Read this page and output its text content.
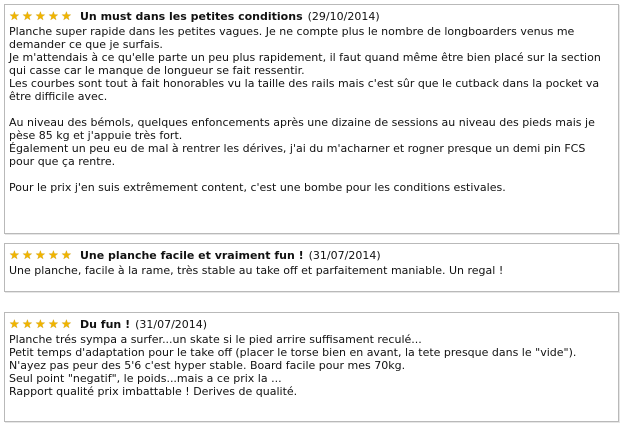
★ ★ ★ ★ ★ Un must dans les petites conditions (29/10/2014)

Planche super rapide dans les petites vagues. Je ne compte plus le nombre de longboarders venus me

demander ce que je surfais.

Je m'attendais à ce qu'elle parte un peu plus rapidement, il faut quand même être bien placé sur la section

qui casse car le manque de longueur se fait ressentir.

Les courbes sont tout à fait honorables vu la taille des rails mais c'est sûr que le cutback dans la pocket va

être difficile avec.

Au niveau des bémols, quelques enfoncements après une dizaine de sessions au niveau des pieds mais je

pèse 85 kg et j'appuie très fort.

Également un peu eu de mal à rentrer les dérives, j'ai du m'acharner et rogner presque un demi pin FCS

pour que ça rentre.

Pour le prix j'en suis extrêmement content, c'est une bombe pour les conditions estivales.

★ ★ ★ ★ ★ Une planche facile et vraiment fun ! (31/07/2014)

Une planche, facile à la rame, très stable au take off et parfaitement maniable. Un regal !

★ ★ ★ ★ ★ Du fun ! (31/07/2014)

Planche trés sympa a surfer...un skate si le pied arrire suffisament reculé...

Petit temps d'adaptation pour le take off (placer le torse bien en avant, la tete presque dans le "vide").

N'ayez pas peur des 5'6 c'est hyper stable. Board facile pour mes 70kg.

Seul point "negatif", le poids...mais a ce prix la ...

Rapport qualité prix imbattable ! Derives de qualité.
